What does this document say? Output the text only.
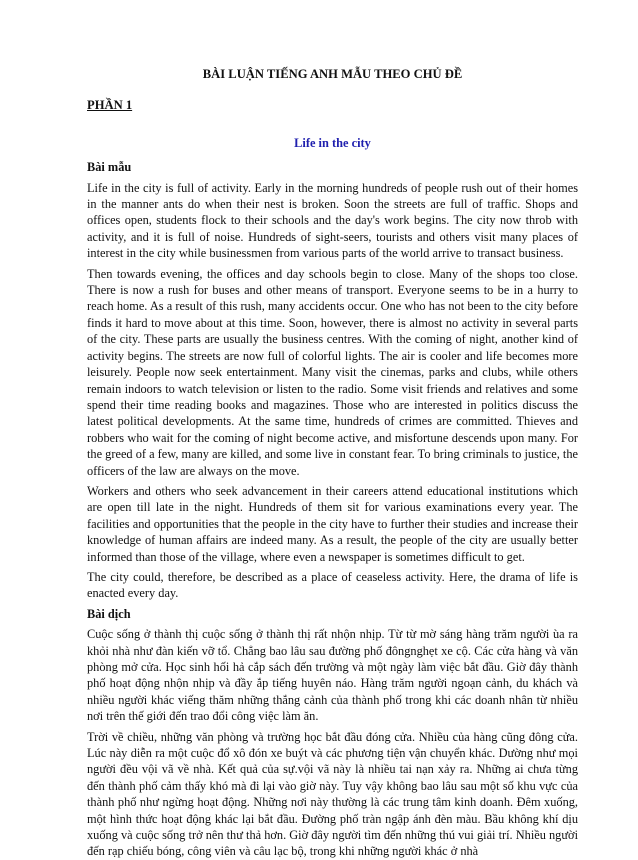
BÀI LUẬN TIẾNG ANH MẪU THEO CHỦ ĐỀ
PHẦN 1
Life in the city
Bài mẫu

Life in the city is full of activity. Early in the morning hundreds of people rush out of their homes in the manner ants do when their nest is broken. Soon the streets are full of traffic. Shops and offices open, students flock to their schools and the day's work begins. The city now throb with activity, and it is full of noise. Hundreds of sight-seers, tourists and others visit many places of interest in the city while businessmen from various parts of the world arrive to transact business.

Then towards evening, the offices and day schools begin to close. Many of the shops too close. There is now a rush for buses and other means of transport. Everyone seems to be in a hurry to reach home. As a result of this rush, many accidents occur. One who has not been to the city before finds it hard to move about at this time. Soon, however, there is almost no activity in several parts of the city. These parts are usually the business centres. With the coming of night, another kind of activity begins. The streets are now full of colorful lights. The air is cooler and life becomes more leisurely. People now seek entertainment. Many visit the cinemas, parks and clubs, while others remain indoors to watch television or listen to the radio. Some visit friends and relatives and some spend their time reading books and magazines. Those who are interested in politics discuss the latest political developments. At the same time, hundreds of crimes are committed. Thieves and robbers who wait for the coming of night become active, and misfortune descends upon many. For the greed of a few, many are killed, and some live in constant fear. To bring criminals to justice, the officers of the law are always on the move.

Workers and others who seek advancement in their careers attend educational institutions which are open till late in the night. Hundreds of them sit for various examinations every year. The facilities and opportunities that the people in the city have to further their studies and increase their knowledge of human affairs are indeed many. As a result, the people of the city are usually better informed than those of the village, where even a newspaper is sometimes difficult to get.

The city could, therefore, be described as a place of ceaseless activity. Here, the drama of life is enacted every day.

Bài dịch

Cuộc sống ở thành thị cuộc sống ở thành thị rất nhộn nhịp. Từ từ mờ sáng hàng trăm người ùa ra khỏi nhà như đàn kiến vỡ tổ. Chẳng bao lâu sau đường phố đôngnghẹt xe cộ. Các cửa hàng và văn phòng mở cửa. Học sinh hối hả cắp sách đến trường và một ngày làm việc bắt đầu. Giờ đây thành phố hoạt động nhộn nhịp và đầy ắp tiếng huyên náo. Hàng trăm người ngoạn cảnh, du khách và nhiều người khác viếng thăm những thắng cảnh của thành phố trong khi các doanh nhân từ nhiều nơi trên thế giới đến trao đổi công việc làm ăn.

Trời về chiều, những văn phòng và trường học bắt đầu đóng cửa. Nhiều của hàng cũng đông cửa. Lúc này diễn ra một cuộc đổ xô đón xe buýt và các phương tiện vận chuyển khác. Dường như mọi người đều vội vã về nhà. Kết quả của sự.vội vã này là nhiều tai nạn xảy ra. Những ai chưa từng đến thành phố cảm thấy khó mà đi lại vào giờ này. Tuy vậy không bao lâu sau một số khu vực của thành phố như ngừng hoạt động. Những nơi này thường là các trung tâm kinh doanh. Đêm xuống, một hình thức hoạt động khác lại bắt đầu. Đường phố tràn ngập ánh đèn màu. Bầu không khí dịu xuống và cuộc sống trở nên thư thả hơn. Giờ đây người tìm đến những thú vui giải trí. Nhiều người đến rạp chiếu bóng, công viên và câu lạc bộ, trong khi những người khác ở nhà
